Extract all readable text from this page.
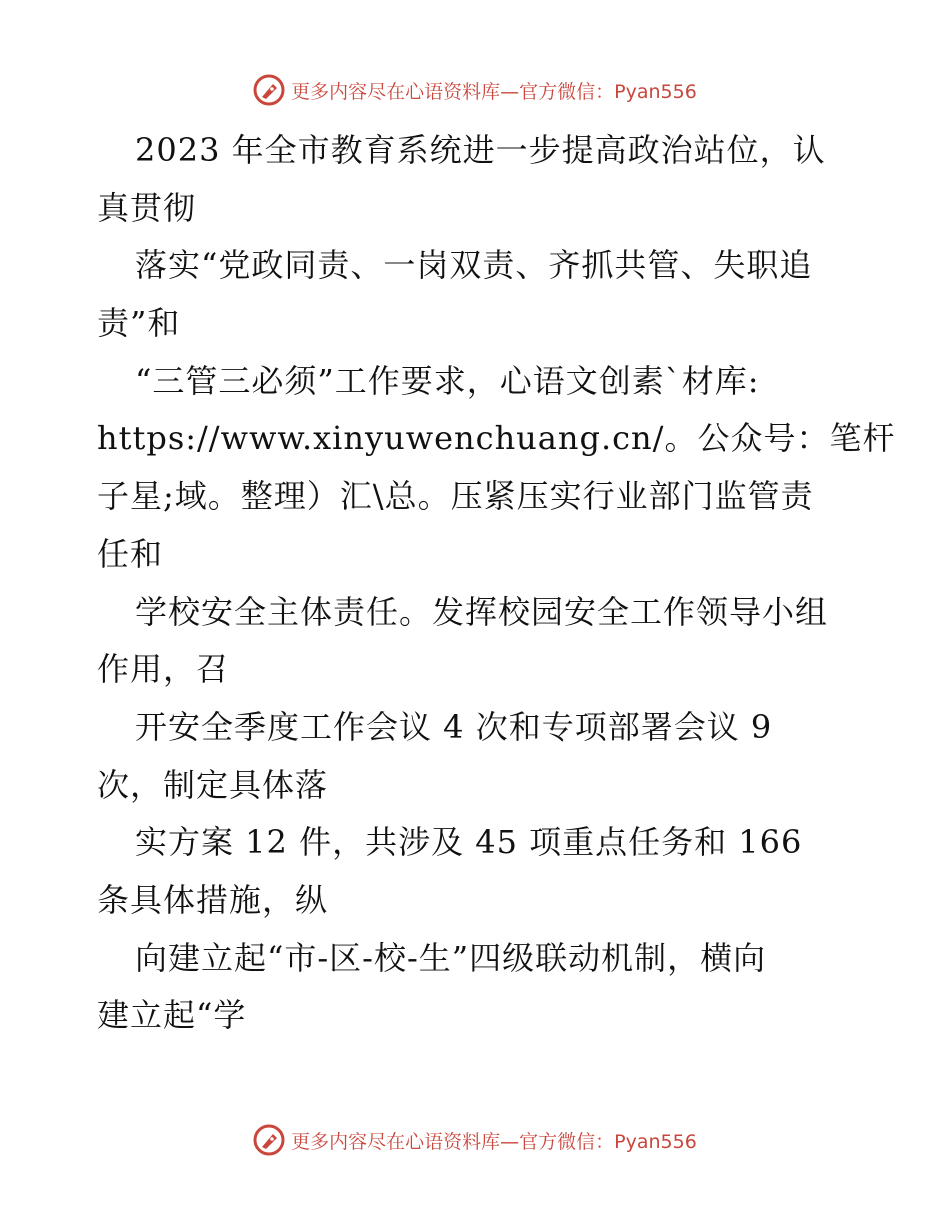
更多内容尽在心语资料库—官方微信：Pyan556
2023 年全市教育系统进一步提高政治站位，认
真贯彻
落实“党政同责、一岗双责、齐抓共管、失职追
责”和
“三管三必须”工作要求，心语文创素`材库:
https://www.xinyuwenchuang.cn/。公众号：笔杆
子星;域。整理）汇\总。压紧压实行业部门监管责
任和
学校安全主体责任。发挥校园安全工作领导小组
作用，召
开安全季度工作会议 4 次和专项部署会议 9
次，制定具体落
实方案 12 件，共涉及 45 项重点任务和 166
条具体措施，纵
向建立起“市-区-校-生”四级联动机制，横向
建立起“学
更多内容尽在心语资料库—官方微信：Pyan556
